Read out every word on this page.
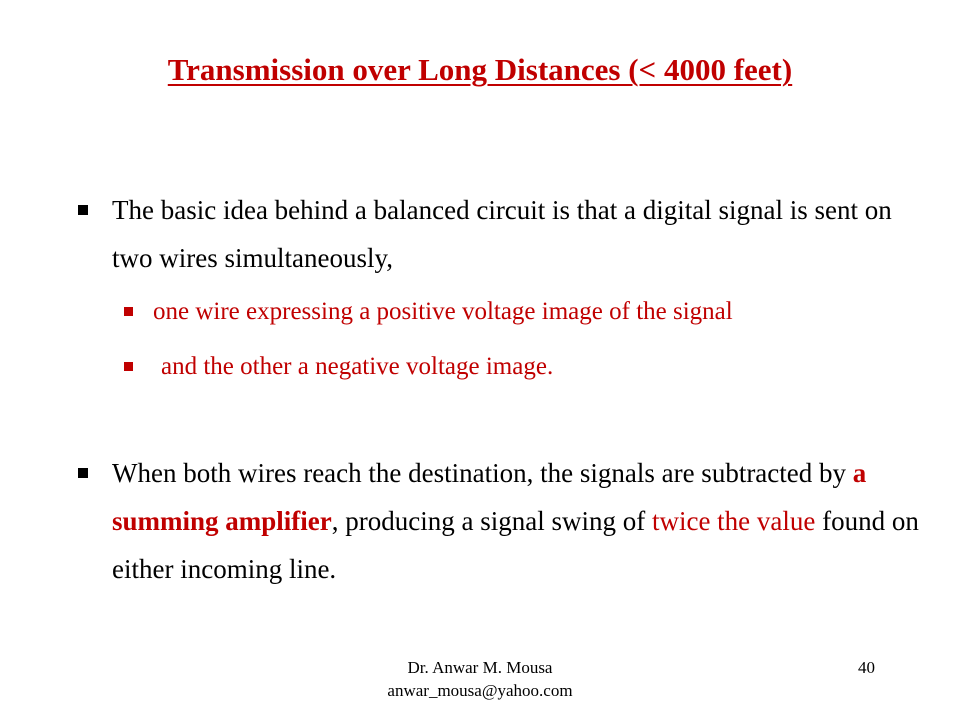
Transmission over Long Distances (< 4000 feet)
The basic idea behind a balanced circuit is that a digital signal is sent on two wires simultaneously,
one wire expressing a positive voltage image of the signal
and the other a negative voltage image.
When both wires reach the destination, the signals are subtracted by a summing amplifier, producing a signal swing of twice the value found on either incoming line.
Dr. Anwar M. Mousa
anwar_mousa@yahoo.com
40
